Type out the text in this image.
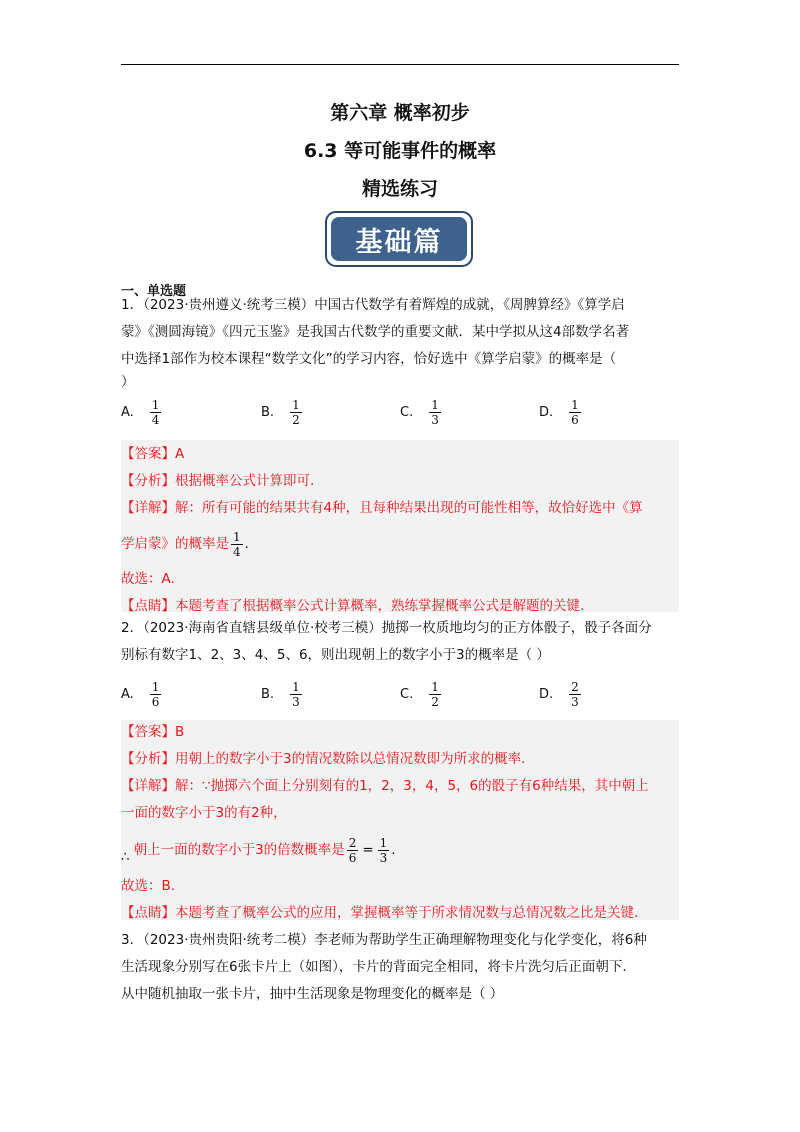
第六章 概率初步
6.3 等可能事件的概率
精选练习
基础篇
一、单选题
1．（2023·贵州遵义·统考三模）中国古代数学有着辉煌的成就，《周脾算经》《算学启
蒙》《测圆海镜》《四元玉鉴》是我国古代数学的重要文献．某中学拟从这4部数学名著
中选择1部作为校本课程“数学文化”的学习内容，恰好选中《算学启蒙》的概率是（
）
A. $\frac{1}{4}$	B. $\frac{1}{2}$	C. $\frac{1}{3}$	D. $\frac{1}{6}$
【答案】A
【分析】根据概率公式计算即可.
【详解】解：所有可能的结果共有4种，且每种结果出现的可能性相等，故恰好选中《算
学启蒙》的概率是 $\frac{1}{4}$ .
故选：A.
【点睛】本题考查了根据概率公式计算概率，熟练掌握概率公式是解题的关键.
2．（2023·海南省直辖县级单位·校考三模）抛掷一枚质地均匀的正方体骰子，骰子各面分
别标有数字1、2、3、4、5、6，则出现朝上的数字小于3的概率是（ ）
A. $\frac{1}{6}$	B. $\frac{1}{3}$	C. $\frac{1}{2}$	D. $\frac{2}{3}$
【答案】B
【分析】用朝上的数字小于3的情况数除以总情况数即为所求的概率.
【详解】解：∵抛掷六个面上分别刻有的1，2，3，4，5，6的骰子有6种结果，其中朝上
一面的数字小于3的有2种，
∴ 朝上一面的数字小于3的倍数概率是 $\frac{2}{6} = \frac{1}{3}$ .
故选：B.
【点睛】本题考查了概率公式的应用，掌握概率等于所求情况数与总情况数之比是关键.
3．（2023·贵州贵阳·统考二模）李老师为帮助学生正确理解物理变化与化学变化，将6种
生活现象分别写在6张卡片上（如图），卡片的背面完全相同，将卡片洗匀后正面朝下.
从中随机抽取一张卡片，抽中生活现象是物理变化的概率是（ ）
